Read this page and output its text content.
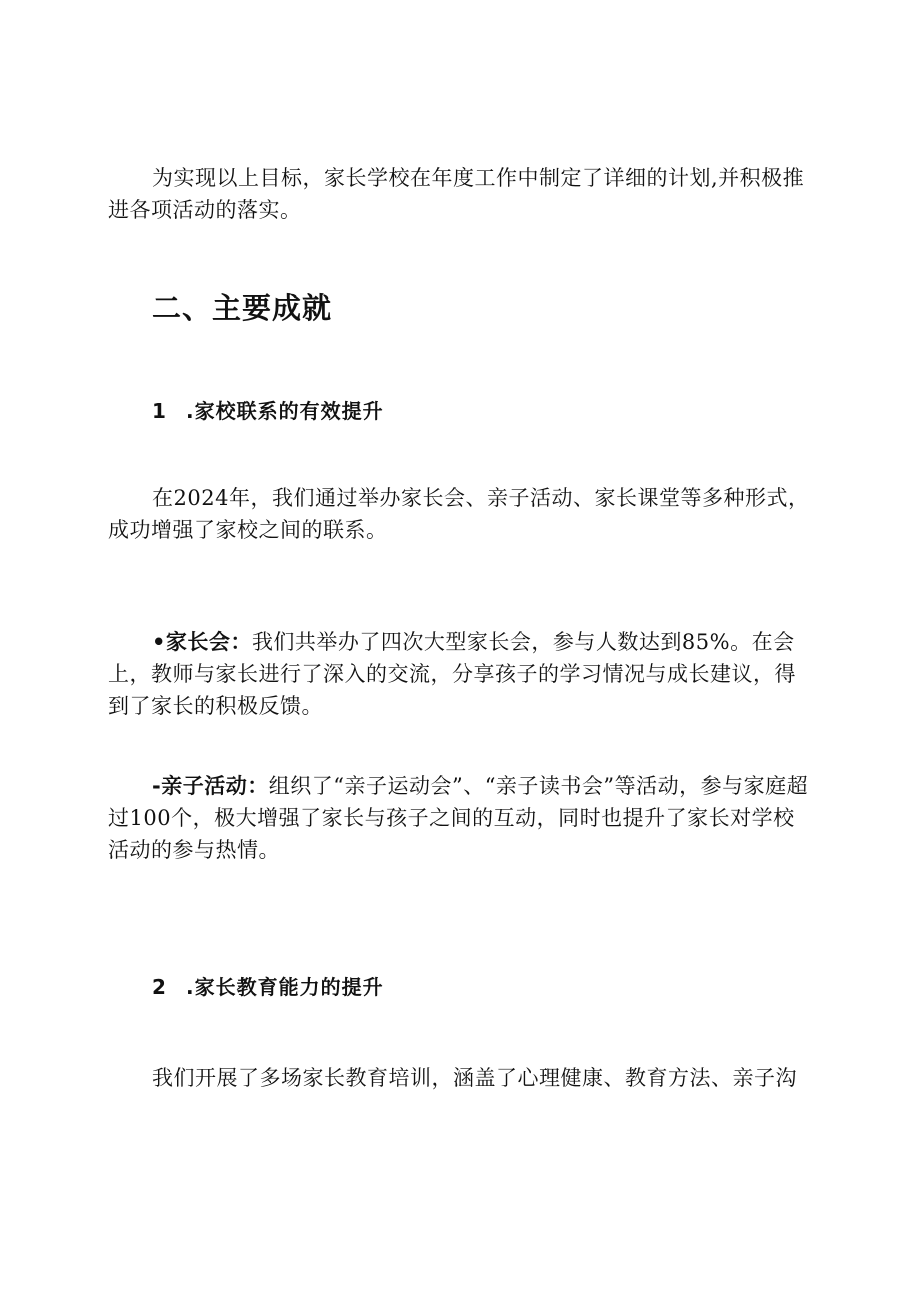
为实现以上目标，家长学校在年度工作中制定了详细的计划,并积极推进各项活动的落实。

二、主要成就
1 .家校联系的有效提升

在2024年，我们通过举办家长会、亲子活动、家长课堂等多种形式，成功增强了家校之间的联系。

•家长会：我们共举办了四次大型家长会，参与人数达到85%。在会上，教师与家长进行了深入的交流，分享孩子的学习情况与成长建议，得到了家长的积极反馈。

-亲子活动：组织了“亲子运动会”、“亲子读书会”等活动，参与家庭超过100个，极大增强了家长与孩子之间的互动，同时也提升了家长对学校活动的参与热情。

2 .家长教育能力的提升

我们开展了多场家长教育培训，涵盖了心理健康、教育方法、亲子沟
